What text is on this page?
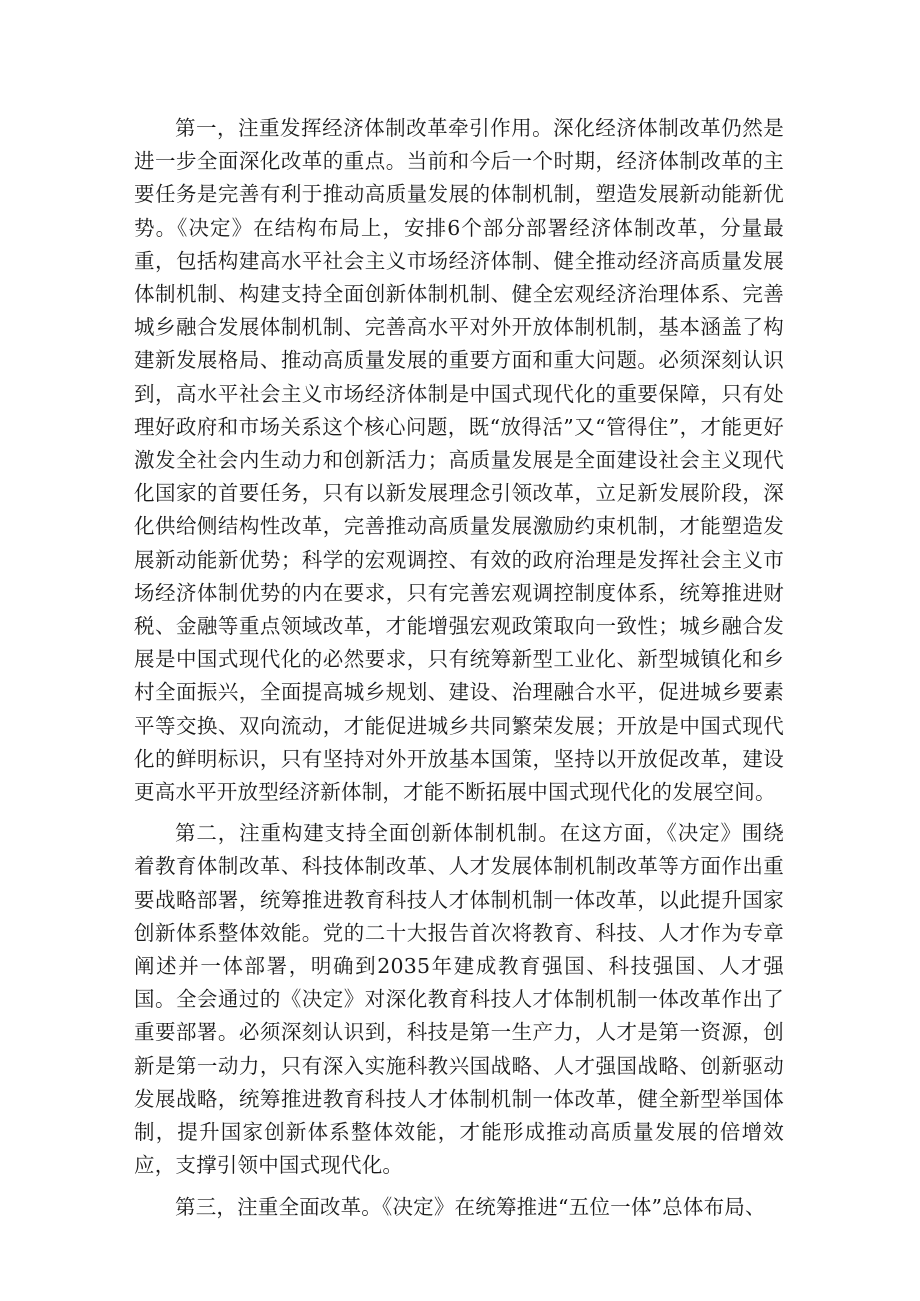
第一，注重发挥经济体制改革牵引作用。深化经济体制改革仍然是进一步全面深化改革的重点。当前和今后一个时期，经济体制改革的主要任务是完善有利于推动高质量发展的体制机制，塑造发展新动能新优势。《决定》在结构布局上，安排6个部分部署经济体制改革，分量最重，包括构建高水平社会主义市场经济体制、健全推动经济高质量发展体制机制、构建支持全面创新体制机制、健全宏观经济治理体系、完善城乡融合发展体制机制、完善高水平对外开放体制机制，基本涵盖了构建新发展格局、推动高质量发展的重要方面和重大问题。必须深刻认识到，高水平社会主义市场经济体制是中国式现代化的重要保障，只有处理好政府和市场关系这个核心问题，既“放得活”又“管得住”，才能更好激发全社会内生动力和创新活力；高质量发展是全面建设社会主义现代化国家的首要任务，只有以新发展理念引领改革，立足新发展阶段，深化供给侧结构性改革，完善推动高质量发展激励约束机制，才能塑造发展新动能新优势；科学的宏观调控、有效的政府治理是发挥社会主义市场经济体制优势的内在要求，只有完善宏观调控制度体系，统筹推进财税、金融等重点领域改革，才能增强宏观政策取向一致性；城乡融合发展是中国式现代化的必然要求，只有统筹新型工业化、新型城镇化和乡村全面振兴，全面提高城乡规划、建设、治理融合水平，促进城乡要素平等交换、双向流动，才能促进城乡共同繁荣发展；开放是中国式现代化的鲜明标识，只有坚持对外开放基本国策，坚持以开放促改革，建设更高水平开放型经济新体制，才能不断拓展中国式现代化的发展空间。

第二，注重构建支持全面创新体制机制。在这方面，《决定》围绕着教育体制改革、科技体制改革、人才发展体制机制改革等方面作出重要战略部署，统筹推进教育科技人才体制机制一体改革，以此提升国家创新体系整体效能。党的二十大报告首次将教育、科技、人才作为专章阐述并一体部署，明确到2035年建成教育强国、科技强国、人才强国。全会通过的《决定》对深化教育科技人才体制机制一体改革作出了重要部署。必须深刻认识到，科技是第一生产力，人才是第一资源，创新是第一动力，只有深入实施科教兴国战略、人才强国战略、创新驱动发展战略，统筹推进教育科技人才体制机制一体改革，健全新型举国体制，提升国家创新体系整体效能，才能形成推动高质量发展的倍增效应，支撑引领中国式现代化。

第三，注重全面改革。《决定》在统筹推进“五位一体”总体布局、
